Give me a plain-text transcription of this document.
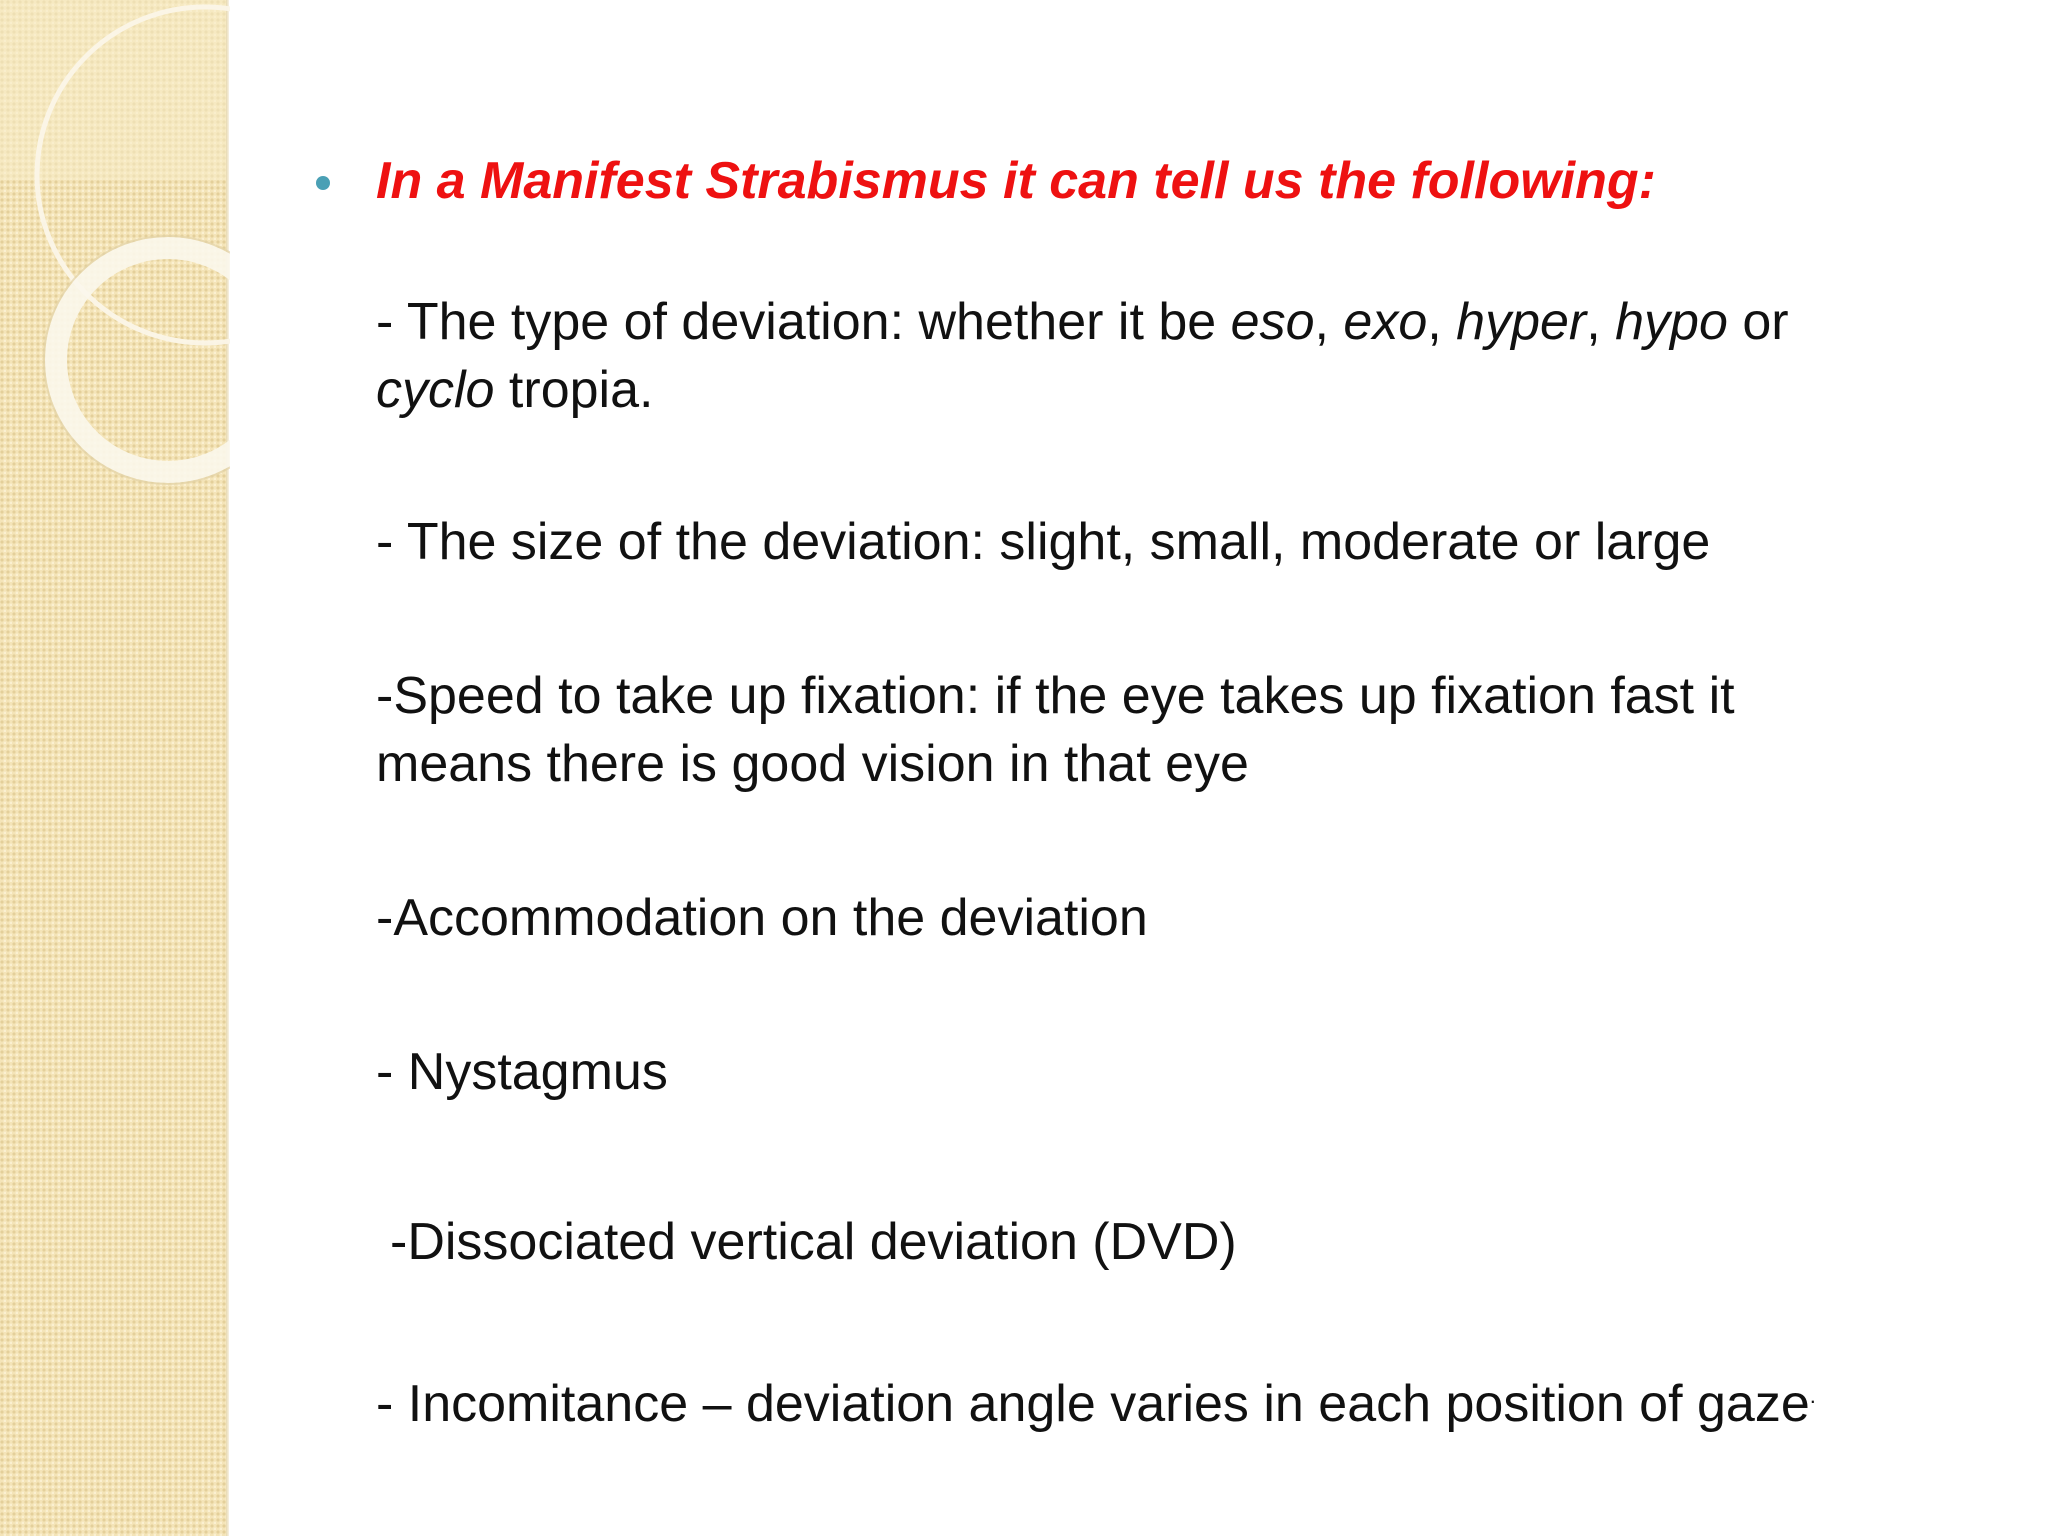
In a Manifest Strabismus it can tell us the following:
- The type of deviation: whether it be eso, exo, hyper, hypo or
cyclo tropia.
- The size of the deviation: slight, small, moderate or large
-Speed to take up fixation: if the eye takes up fixation fast it
means there is good vision in that eye
-Accommodation on the deviation
- Nystagmus
-Dissociated vertical deviation (DVD)
- Incomitance – deviation angle varies in each position of gaze.
